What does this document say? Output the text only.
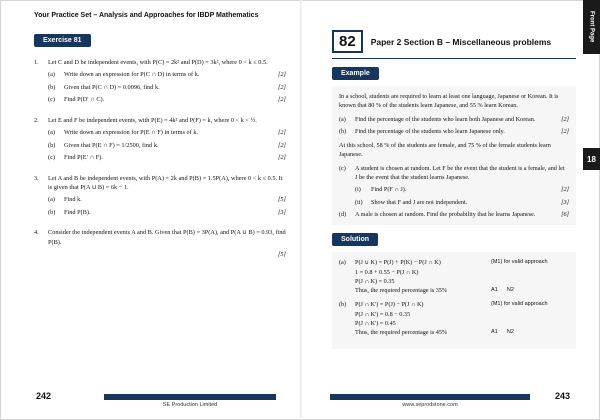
Your Practice Set – Analysis and Approaches for IBDP Mathematics
Exercise 81
1.	Let C and D be independent events, with P(C) = 2k² and P(D) = 3k², where 0 < k ≤ 0.5.
(a)	Write down an expression for P(C ∩ D) in terms of k.	[2]
(b)	Given that P(C ∩ D) = 0.0096, find k.	[2]
(c)	Find P(D′ ∩ C).	[2]
2.	Let E and F be independent events, with P(E) = 4k² and P(F) = k, where 0 < k < ½.
(a)	Write down an expression for P(E ∩ F) in terms of k.	[2]
(b)	Given that P(E ∩ F) = 1/2500, find k.	[2]
(c)	Find P(E′ ∩ F).	[2]
3.	Let A and B be independent events, with P(A) = 2k and P(B) = 1.5P(A), where 0 < k ≤ 0.5. It is given that P(A ∪ B) = 6k − 1.
(a)	Find k.	[5]
(b)	Find P(B).	[3]
4.	Consider the independent events A and B. Given that P(B) = 3P(A), and P(A ∪ B) = 0.93, find P(B).
[5]
242
SE Production Limited
Front Page
18
82	Paper 2 Section B – Miscellaneous problems
Example
In a school, students are required to learn at least one language, Japanese or Korean. It is known that 80 % of the students learn Japanese, and 55 % learn Korean.
(a)	Find the percentage of the students who learn both Japanese and Korean.	[2]
(b)	Find the percentage of the students who learn Japanese only.	[2]
At this school, 58 % of the students are female, and 75 % of the female students learn Japanese.
(c)	A student is chosen at random. Let F be the event that the student is a female, and let J be the event that the student learns Japanese.
(i)	Find P(F ∩ J).	[2]
(ii)	Show that F and J are not independent.	[3]
(d)	A male is chosen at random. Find the probability that he learns Japanese.	[6]
Solution
(a)	P(J ∪ K) = P(J) + P(K) − P(J ∩ K)	(M1) for valid approach
1 = 0.8 + 0.55 − P(J ∩ K)
P(J ∩ K) = 0.35
Thus, the required percentage is 35%	A1      N2
(b)	P(J ∩ K′) = P(J) − P(J ∩ K)	(M1) for valid approach
P(J ∩ K′) = 0.8 − 0.35
P(J ∩ K′) = 0.45
Thus, the required percentage is 45%	A1      N2
243
www.seprodstone.com
